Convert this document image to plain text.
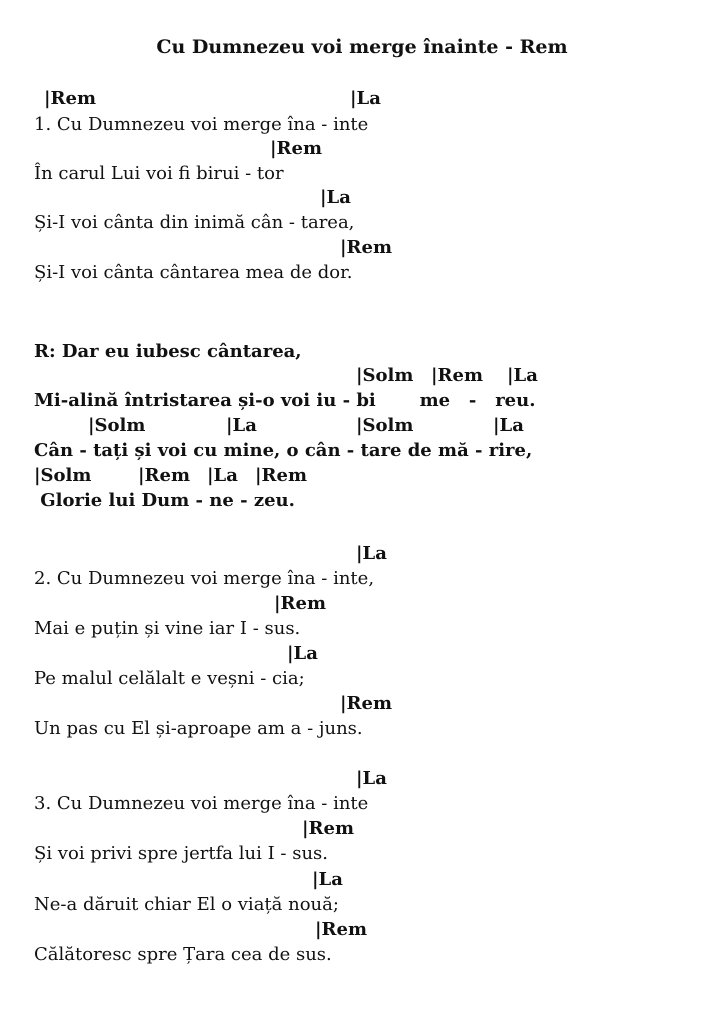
Cu Dumnezeu voi merge înainte - Rem
|Rem	|La
1. Cu Dumnezeu voi merge îna - inte
|Rem
În carul Lui voi fi birui - tor
|La
Și-I voi cânta din inimă cân - tarea,
|Rem
Și-I voi cânta cântarea mea de dor.
R: Dar eu iubesc cântarea,
|Solm |Rem |La
Mi-alină întristarea și-o voi iu - bi       me   -   reu.
|Solm	|La	|Solm	|La
Cân - tați și voi cu mine, o cân - tare de mă - rire,
|Solm	|Rem |La |Rem
Glorie lui Dum - ne - zeu.
|La
2. Cu Dumnezeu voi merge îna - inte,
|Rem
Mai e puțin și vine iar I - sus.
|La
Pe malul celălalt e veșni - cia;
|Rem
Un pas cu El și-aproape am a - juns.
|La
3. Cu Dumnezeu voi merge îna - inte
|Rem
Și voi privi spre jertfa lui I - sus.
|La
Ne-a dăruit chiar El o viață nouă;
|Rem
Călătoresc spre Țara cea de sus.
